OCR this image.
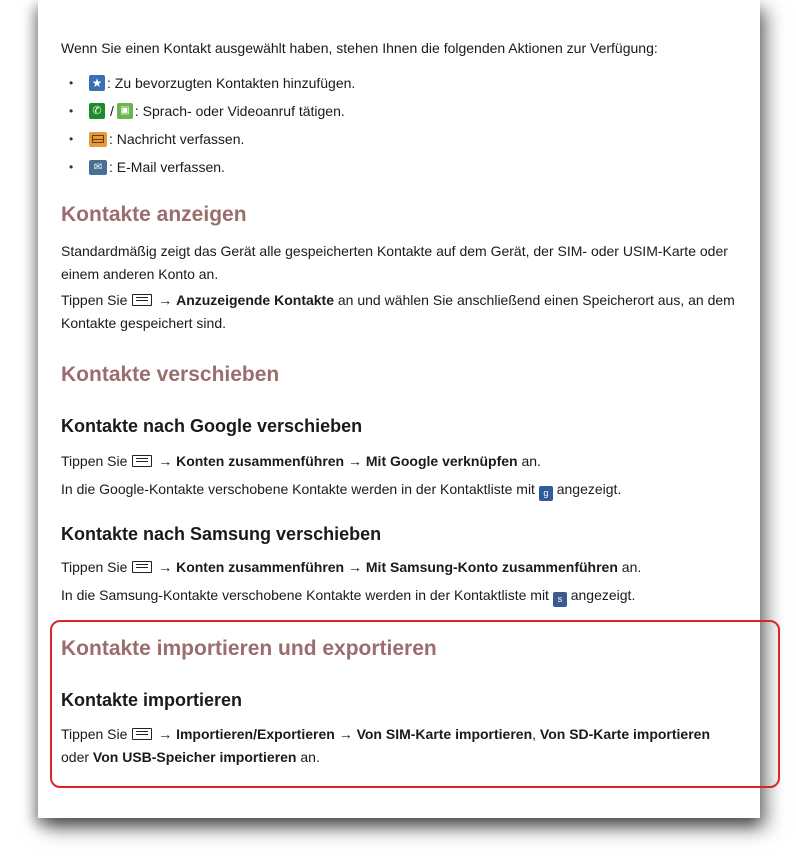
Wenn Sie einen Kontakt ausgewählt haben, stehen Ihnen die folgenden Aktionen zur Verfügung:

•	★ : Zu bevorzugten Kontakten hinzufügen.
•	✆ / ▣ : Sprach- oder Videoanruf tätigen.
•	: Nachricht verfassen.
•	✉ : E-Mail verfassen.
Kontakte anzeigen

Standardmäßig zeigt das Gerät alle gespeicherten Kontakte auf dem Gerät, der SIM- oder USIM-Karte oder einem anderen Konto an.

Tippen Sie → Anzuzeigende Kontakte an und wählen Sie anschließend einen Speicherort aus, an dem Kontakte gespeichert sind.

Kontakte verschieben
Kontakte nach Google verschieben

Tippen Sie → Konten zusammenführen → Mit Google verknüpfen an.

In die Google-Kontakte verschobene Kontakte werden in der Kontaktliste mit g angezeigt.

Kontakte nach Samsung verschieben

Tippen Sie → Konten zusammenführen → Mit Samsung-Konto zusammenführen an.

In die Samsung-Kontakte verschobene Kontakte werden in der Kontaktliste mit s angezeigt.

Kontakte importieren und exportieren
Kontakte importieren

Tippen Sie → Importieren/Exportieren → Von SIM-Karte importieren, Von SD-Karte importieren
oder Von USB-Speicher importieren an.
